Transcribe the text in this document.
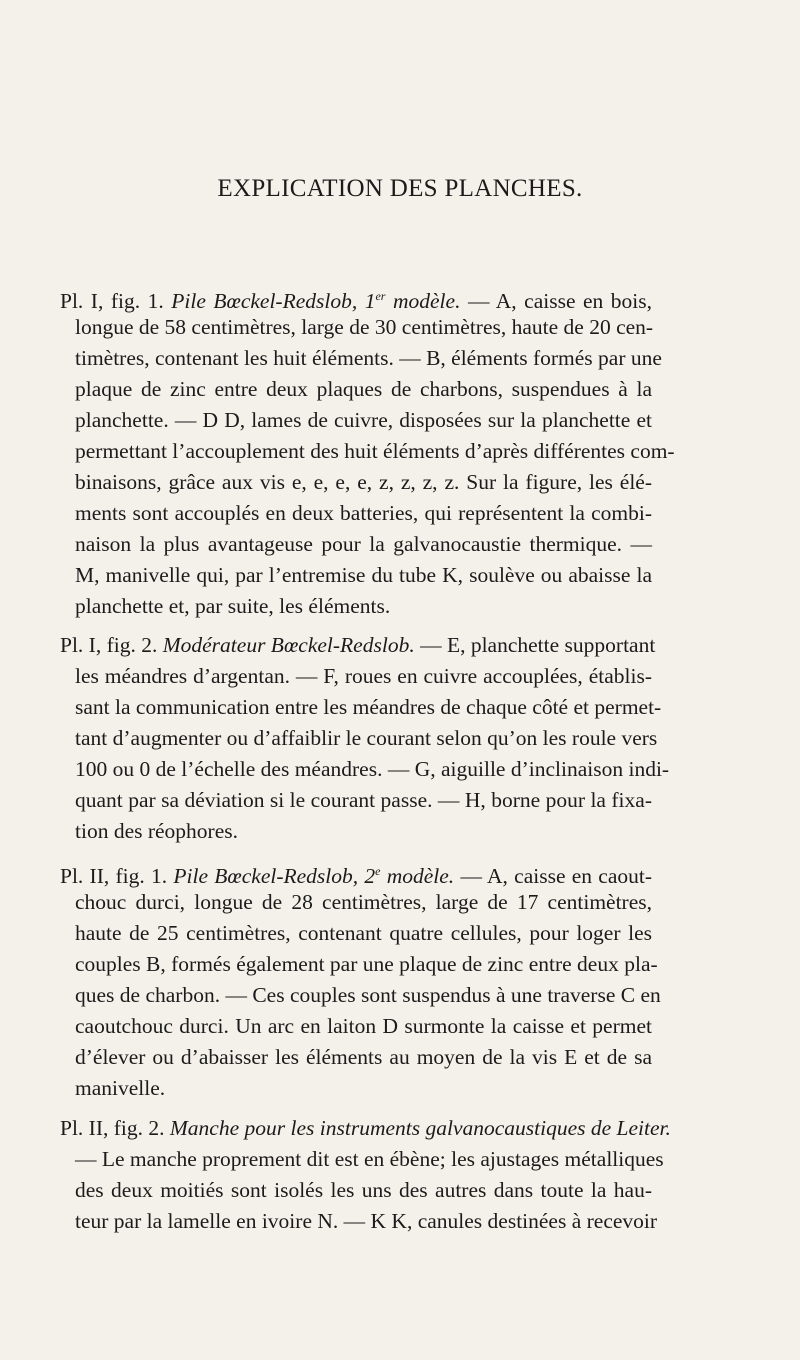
EXPLICATION DES PLANCHES.
Pl. I, fig. 1. Pile Bœckel-Redslob, 1er modèle. — A, caisse en bois,
longue de 58 centimètres, large de 30 centimètres, haute de 20 cen-
timètres, contenant les huit éléments. — B, éléments formés par une
plaque de zinc entre deux plaques de charbons, suspendues à la
planchette. — D D, lames de cuivre, disposées sur la planchette et
permettant l’accouplement des huit éléments d’après différentes com-
binaisons, grâce aux vis e, e, e, e, z, z, z, z. Sur la figure, les élé-
ments sont accouplés en deux batteries, qui représentent la combi-
naison la plus avantageuse pour la galvanocaustie thermique. —
M, manivelle qui, par l’entremise du tube K, soulève ou abaisse la
planchette et, par suite, les éléments.
Pl. I, fig. 2. Modérateur Bœckel-Redslob. — E, planchette supportant
les méandres d’argentan. — F, roues en cuivre accouplées, établis-
sant la communication entre les méandres de chaque côté et permet-
tant d’augmenter ou d’affaiblir le courant selon qu’on les roule vers
100 ou 0 de l’échelle des méandres. — G, aiguille d’inclinaison indi-
quant par sa déviation si le courant passe. — H, borne pour la fixa-
tion des réophores.
Pl. II, fig. 1. Pile Bœckel-Redslob, 2e modèle. — A, caisse en caout-
chouc durci, longue de 28 centimètres, large de 17 centimètres,
haute de 25 centimètres, contenant quatre cellules, pour loger les
couples B, formés également par une plaque de zinc entre deux pla-
ques de charbon. — Ces couples sont suspendus à une traverse C en
caoutchouc durci. Un arc en laiton D surmonte la caisse et permet
d’élever ou d’abaisser les éléments au moyen de la vis E et de sa
manivelle.
Pl. II, fig. 2. Manche pour les instruments galvanocaustiques de Leiter.
— Le manche proprement dit est en ébène; les ajustages métalliques
des deux moitiés sont isolés les uns des autres dans toute la hau-
teur par la lamelle en ivoire N. — K K, canules destinées à recevoir
